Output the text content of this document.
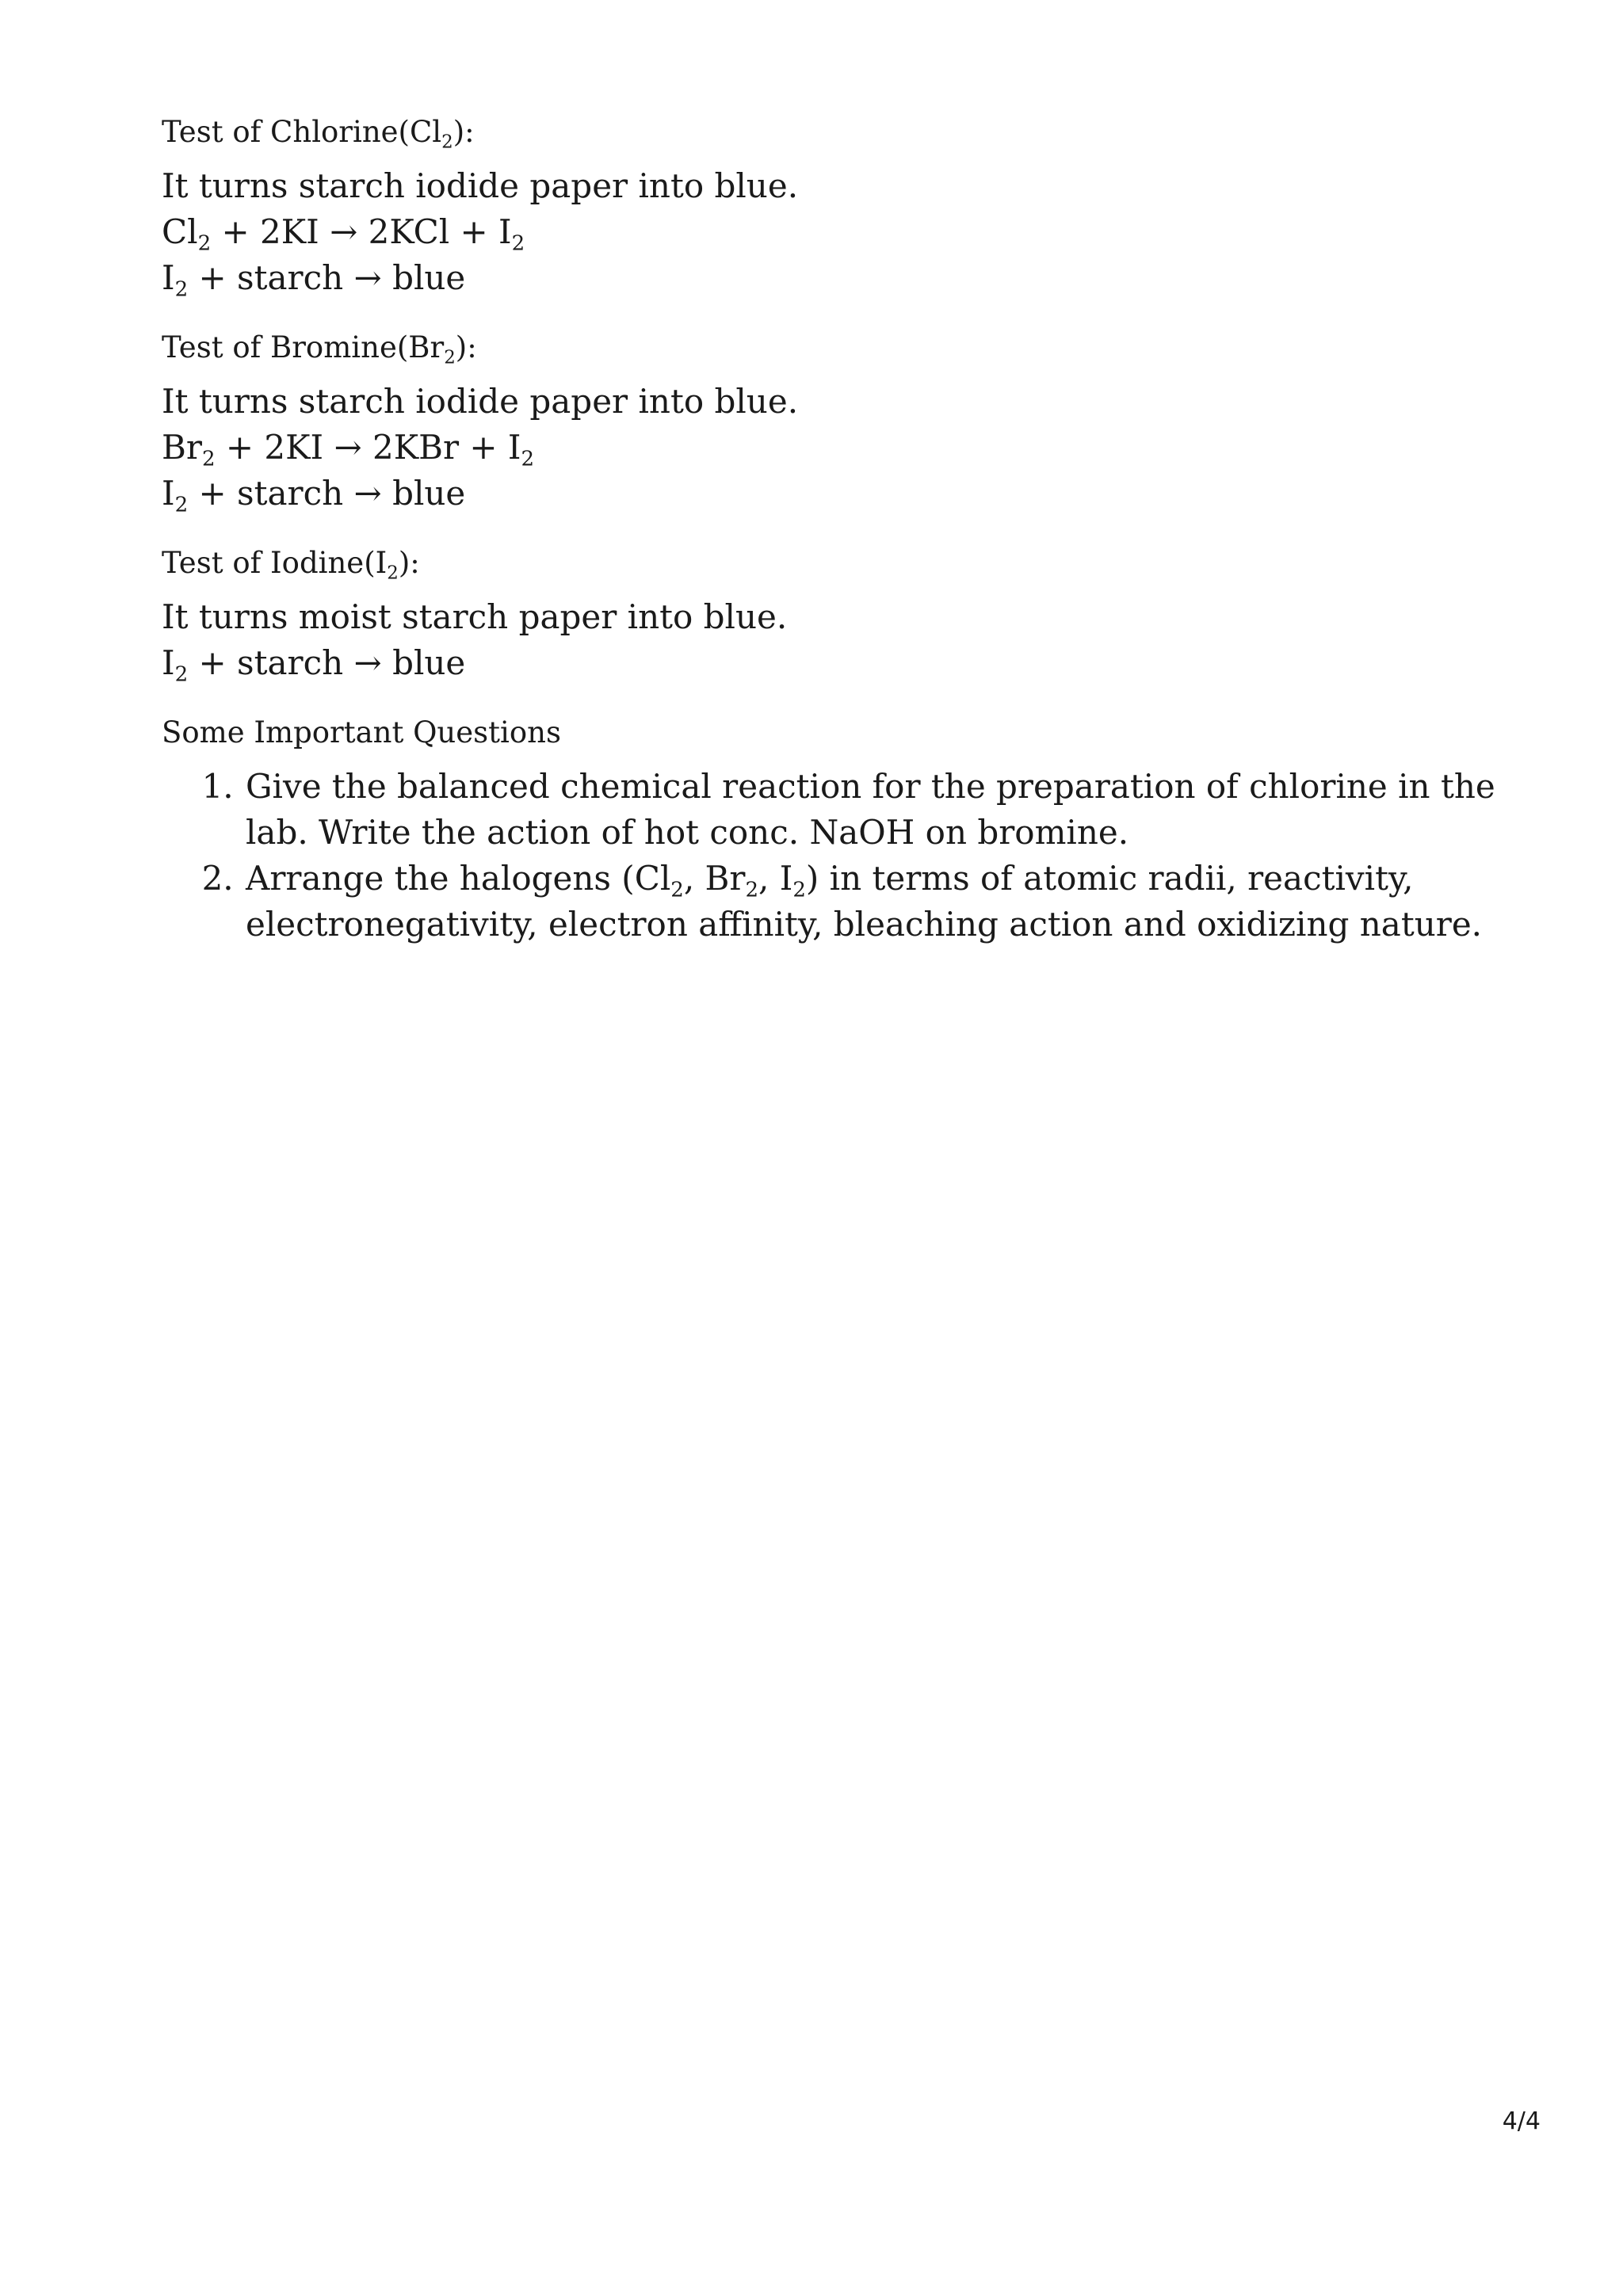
Test of $Chlorine(Cl_2)$:

It turns starch iodide paper into blue.

$Cl_2 + 2KI \to 2KCl + I_2$

$I_2$ + starch → blue

Test of $Bromine(Br_2)$:

It turns starch iodide paper into blue.

$Br_2 + 2KI \to 2KBr + I_2$

$I_2$ + starch → blue

Test of $Iodine(I_2)$:

It turns moist starch paper into blue.

$I_2$ + starch → blue

Some Important Questions

1. Give the balanced chemical reaction for the preparation of chlorine in the lab. Write the action of hot conc. NaOH on bromine.
2. Arrange the halogens ($Cl_2$, $Br_2$, $I_2$) in terms of atomic radii, reactivity, electronegativity, electron affinity, bleaching action and oxidizing nature.
4/4
